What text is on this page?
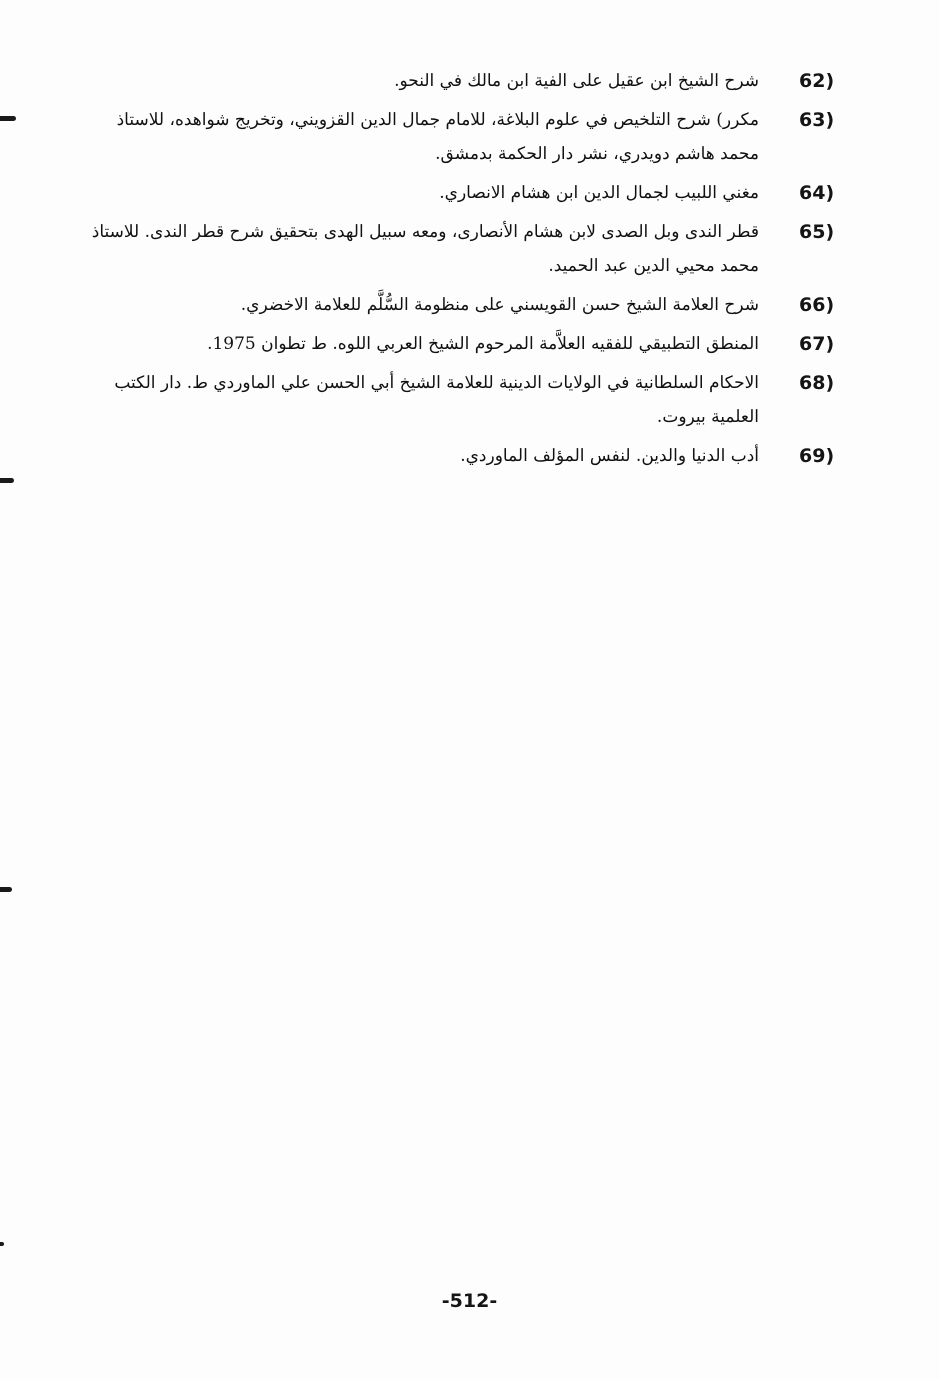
62)
شرح الشيخ ابن عقيل على الفية ابن مالك في النحو.
63)
مكرر) شرح التلخيص في علوم البلاغة، للامام جمال الدين القزويني، وتخريج شواهده، للاستاذ محمد هاشم دويدري، نشر دار الحكمة بدمشق.
64)
مغني اللبيب لجمال الدين ابن هشام الانصاري.
65)
قطر الندى وبل الصدى لابن هشام الأنصارى، ومعه سبيل الهدى بتحقيق شرح قطر الندى. للاستاذ محمد محيي الدين عبد الحميد.
66)
شرح العلامة الشيخ حسن القويسني على منظومة السُّلَّم للعلامة الاخضري.
67)
المنطق التطبيقي للفقيه العلاَّمة المرحوم الشيخ العربي اللوه. ط تطوان 1975.
68)
الاحكام السلطانية في الولايات الدينية للعلامة الشيخ أبي الحسن علي الماوردي ط. دار الكتب العلمية بيروت.
69)
أدب الدنيا والدين. لنفس المؤلف الماوردي.
-512-
